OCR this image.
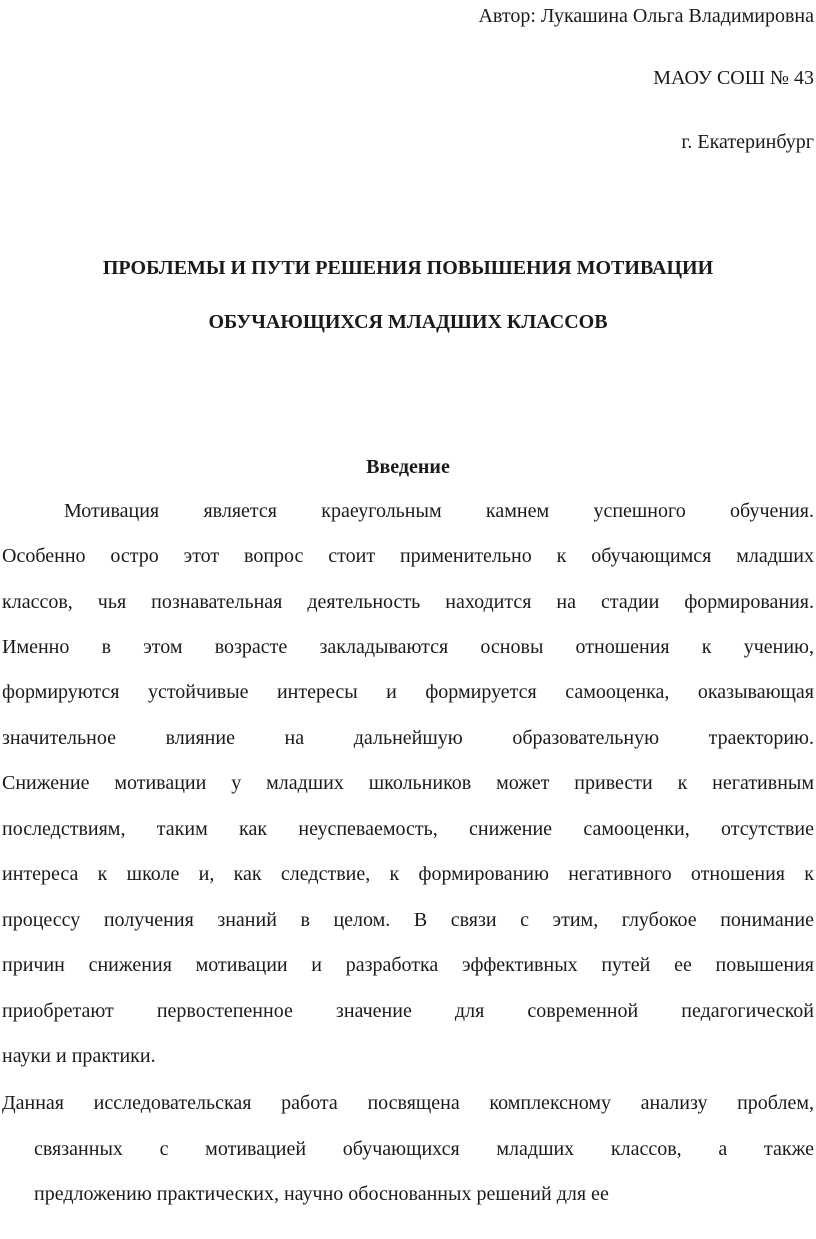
Автор: Лукашина Ольга Владимировна
МАОУ СОШ № 43
г. Екатеринбург
ПРОБЛЕМЫ И ПУТИ РЕШЕНИЯ ПОВЫШЕНИЯ МОТИВАЦИИ
ОБУЧАЮЩИХСЯ МЛАДШИХ КЛАССОВ
Введение
Мотивация является краеугольным камнем успешного обучения.
Особенно остро этот вопрос стоит применительно к обучающимся младших
классов, чья познавательная деятельность находится на стадии формирования.
Именно в этом возрасте закладываются основы отношения к учению,
формируются устойчивые интересы и формируется самооценка, оказывающая
значительное влияние на дальнейшую образовательную траекторию.
Снижение мотивации у младших школьников может привести к негативным
последствиям, таким как неуспеваемость, снижение самооценки, отсутствие
интереса к школе и, как следствие, к формированию негативного отношения к
процессу получения знаний в целом. В связи с этим, глубокое понимание
причин снижения мотивации и разработка эффективных путей ее повышения
приобретают первостепенное значение для современной педагогической
науки и практики.
Данная исследовательская работа посвящена комплексному анализу проблем,
связанных с мотивацией обучающихся младших классов, а также
предложению практических, научно обоснованных решений для ее
